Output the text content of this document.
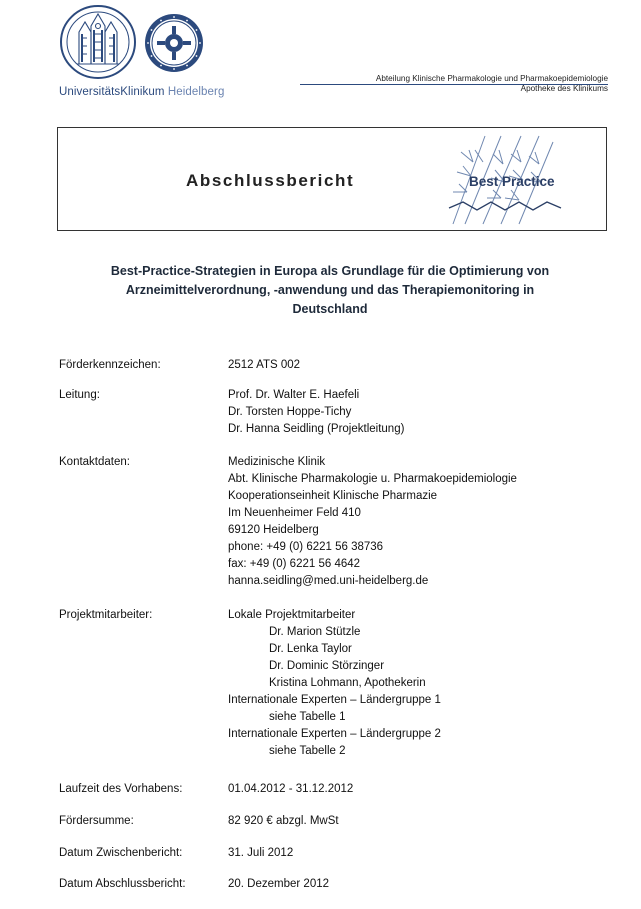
UniversitätsKlinikum Heidelberg
Abteilung Klinische Pharmakologie und Pharmakoepidemiologie
Apotheke des Klinikums
Abschlussbericht	Best Practice
Best-Practice-Strategien in Europa als Grundlage für die Optimierung von
Arzneimittelverordnung, -anwendung und das Therapiemonitoring in
Deutschland
Förderkennzeichen:	2512 ATS 002
Leitung:	Prof. Dr. Walter E. Haefeli
Dr. Torsten Hoppe-Tichy
Dr. Hanna Seidling (Projektleitung)
Kontaktdaten:	Medizinische Klinik
Abt. Klinische Pharmakologie u. Pharmakoepidemiologie
Kooperationseinheit Klinische Pharmazie
Im Neuenheimer Feld 410
69120 Heidelberg
phone: +49 (0) 6221 56 38736
fax: +49 (0) 6221 56 4642
hanna.seidling@med.uni-heidelberg.de
Projektmitarbeiter:	Lokale Projektmitarbeiter
Dr. Marion Stützle
Dr. Lenka Taylor
Dr. Dominic Störzinger
Kristina Lohmann, Apothekerin
Internationale Experten – Ländergruppe 1
siehe Tabelle 1
Internationale Experten – Ländergruppe 2
siehe Tabelle 2
Laufzeit des Vorhabens:	01.04.2012 - 31.12.2012
Fördersumme:	82 920 € abzgl. MwSt
Datum Zwischenbericht:	31. Juli 2012
Datum Abschlussbericht:	20. Dezember 2012
